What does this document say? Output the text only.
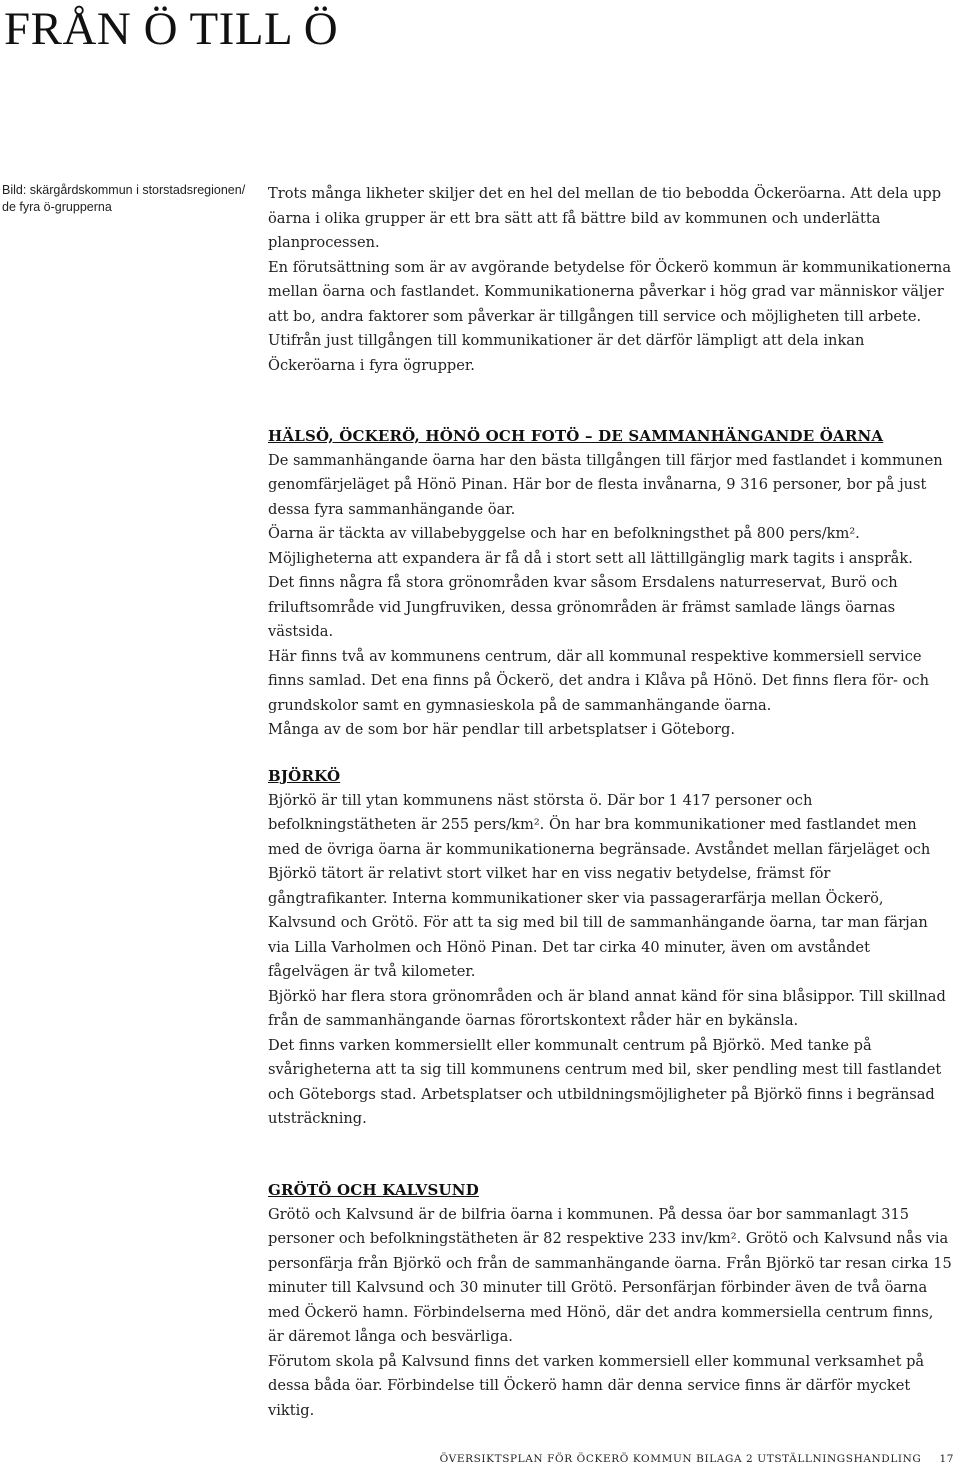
FRÅN Ö TILL Ö
Bild: skärgårdskommun i storstadsregionen/ de fyra ö-grupperna

Trots många likheter skiljer det en hel del mellan de tio bebodda Öckeröarna. Att dela upp öarna i olika grupper är ett bra sätt att få bättre bild av kommunen och underlätta planprocessen.

En förutsättning som är av avgörande betydelse för Öckerö kommun är kommunikationerna mellan öarna och fastlandet. Kommunikationerna påverkar i hög grad var människor väljer att bo, andra faktorer som påverkar är tillgången till service och möjligheten till arbete. Utifrån just tillgången till kommunikationer är det därför lämpligt att dela inkan Öckeröarna i fyra ögrupper.

HÄLSÖ, ÖCKERÖ, HÖNÖ OCH FOTÖ – DE SAMMANHÄNGANDE ÖARNA

De sammanhängande öarna har den bästa tillgången till färjor med fastlandet i kommunen genomfärjeläget på Hönö Pinan. Här bor de flesta invånarna, 9 316 personer, bor på just dessa fyra sammanhängande öar.

Öarna är täckta av villabebyggelse och har en befolkningsthet på 800 pers/km².

Möjligheterna att expandera är få då i stort sett all lättillgänglig mark tagits i anspråk.

Det finns några få stora grönområden kvar såsom Ersdalens naturreservat, Burö och friluftsområde vid Jungfruviken, dessa grönområden är främst samlade längs öarnas västsida.

Här finns två av kommunens centrum, där all kommunal respektive kommersiell service finns samlad. Det ena finns på Öckerö, det andra i Klåva på Hönö. Det finns flera för- och grundskolor samt en gymnasieskola på de sammanhängande öarna.

Många av de som bor här pendlar till arbetsplatser i Göteborg.

BJÖRKÖ

Björkö är till ytan kommunens näst största ö. Där bor 1 417 personer och befolkningstätheten är 255 pers/km². Ön har bra kommunikationer med fastlandet men med de övriga öarna är kommunikationerna begränsade. Avståndet mellan färjeläget och Björkö tätort är relativt stort vilket har en viss negativ betydelse, främst för gångtrafikanter. Interna kommunikationer sker via passagerarfärja mellan Öckerö, Kalvsund och Grötö. För att ta sig med bil till de sammanhängande öarna, tar man färjan via Lilla Varholmen och Hönö Pinan. Det tar cirka 40 minuter, även om avståndet fågelvägen är två kilometer.

Björkö har flera stora grönområden och är bland annat känd för sina blåsippor. Till skillnad från de sammanhängande öarnas förortskontext råder här en bykänsla.

Det finns varken kommersiellt eller kommunalt centrum på Björkö. Med tanke på svårigheterna att ta sig till kommunens centrum med bil, sker pendling mest till fastlandet och Göteborgs stad. Arbetsplatser och utbildningsmöjligheter på Björkö finns i begränsad utsträckning.

GRÖTÖ OCH KALVSUND

Grötö och Kalvsund är de bilfria öarna i kommunen. På dessa öar bor sammanlagt 315 personer och befolkningstätheten är 82 respektive 233 inv/km². Grötö och Kalvsund nås via personfärja från Björkö och från de sammanhängande öarna. Från Björkö tar resan cirka 15 minuter till Kalvsund och 30 minuter till Grötö. Personfärjan förbinder även de två öarna med Öckerö hamn. Förbindelserna med Hönö, där det andra kommersiella centrum finns, är däremot långa och besvärliga.

Förutom skola på Kalvsund finns det varken kommersiell eller kommunal verksamhet på dessa båda öar. Förbindelse till Öckerö hamn där denna service finns är därför mycket viktig.

ÖVERSIKTSPLAN FÖR ÖCKERÖ KOMMUN BILAGA 2 UTSTÄLLNINGSHANDLING 17
